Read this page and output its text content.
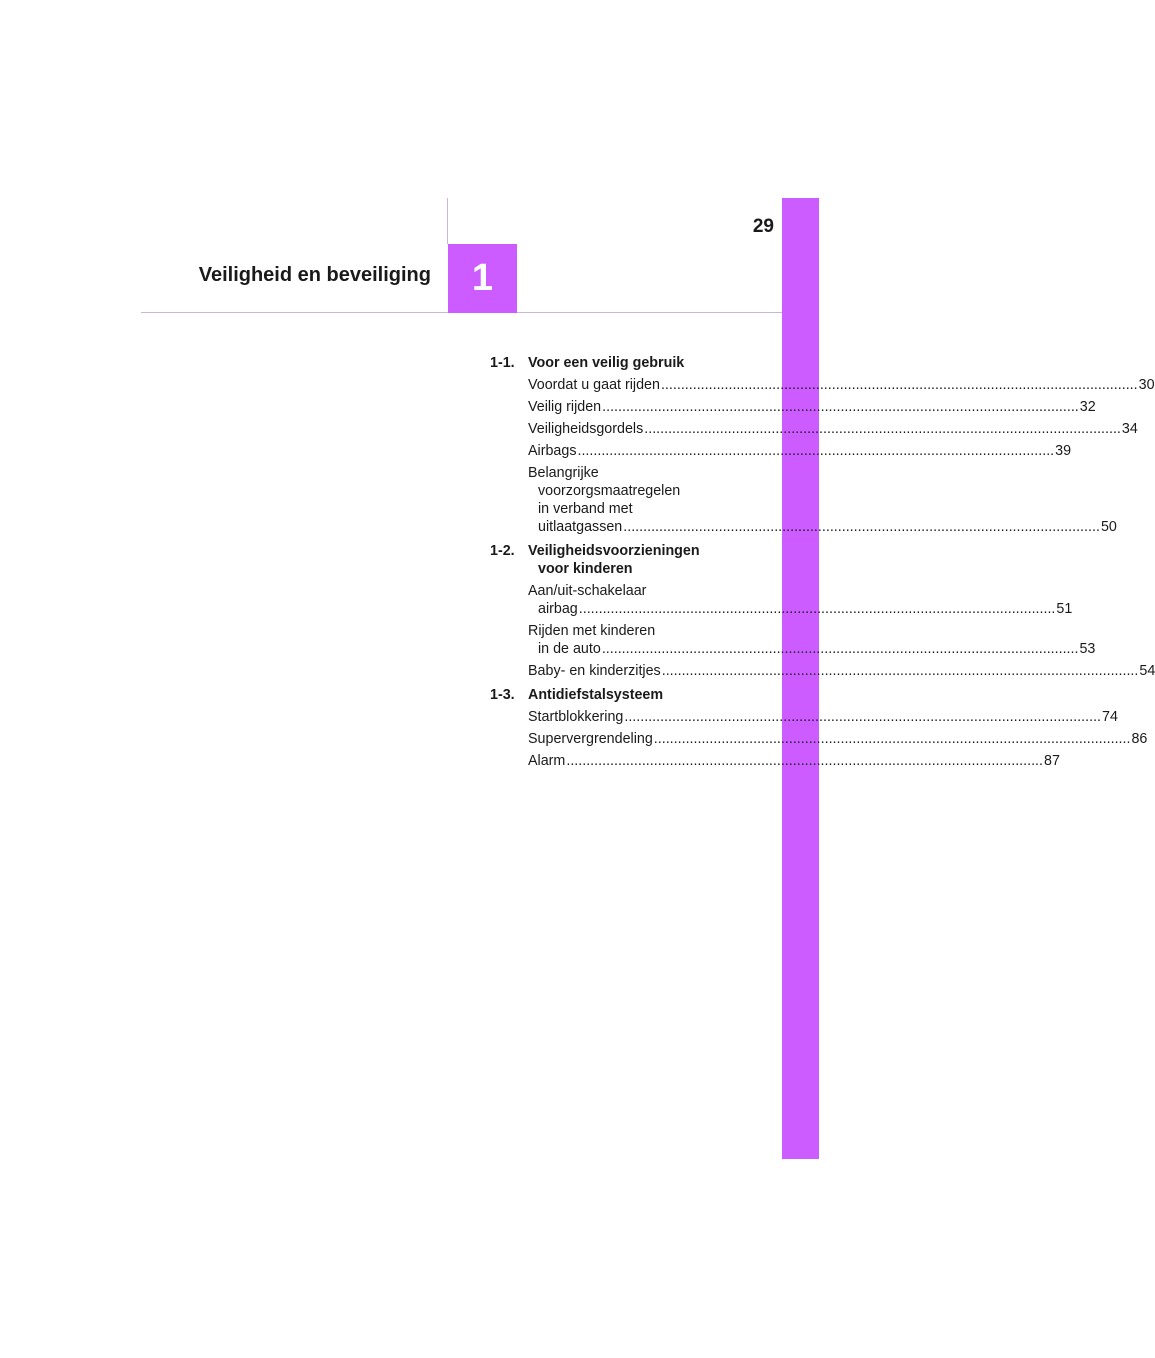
29
Veiligheid en beveiliging	1
1-1. Voor een veilig gebruik
Voordat u gaat rijden........................................................................................................................30
Veilig rijden........................................................................................................................32
Veiligheidsgordels........................................................................................................................34
Airbags........................................................................................................................39
Belangrijke
voorzorgsmaatregelen
in verband met
uitlaatgassen........................................................................................................................50
1-2. Veiligheidsvoorzieningen
voor kinderen
Aan/uit-schakelaar
airbag........................................................................................................................51
Rijden met kinderen
in de auto........................................................................................................................53
Baby- en kinderzitjes........................................................................................................................54
1-3. Antidiefstalsysteem
Startblokkering........................................................................................................................74
Supervergrendeling........................................................................................................................86
Alarm........................................................................................................................87
